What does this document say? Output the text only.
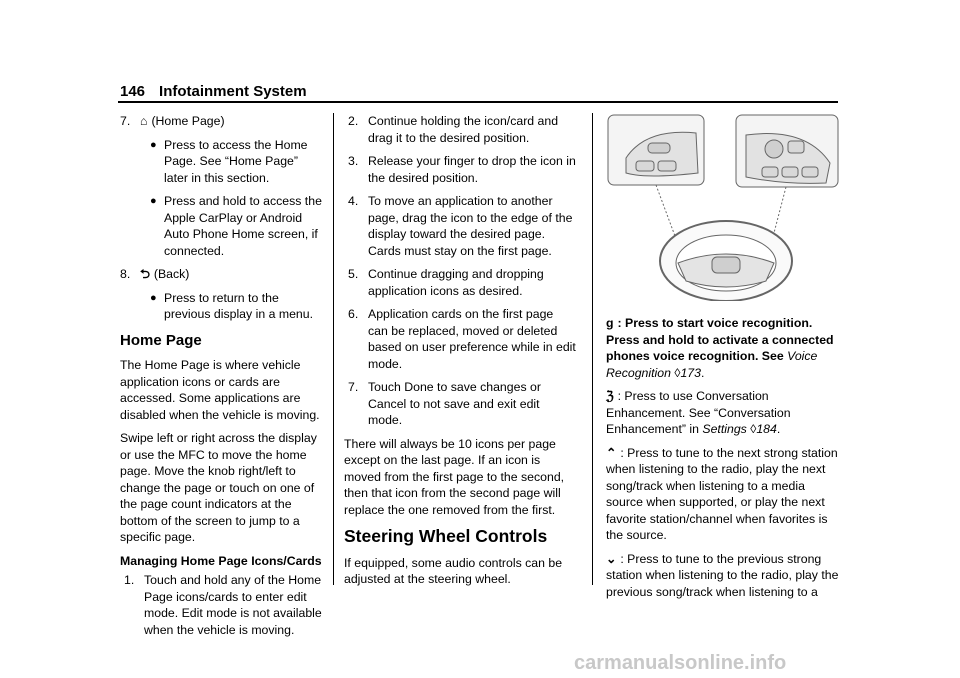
146 Infotainment System
7. ⌂ (Home Page)
● Press to access the Home Page. See “Home Page” later in this section.
● Press and hold to access the Apple CarPlay or Android Auto Phone Home screen, if connected.
8. ⮌ (Back)
● Press to return to the previous display in a menu.
Home Page

The Home Page is where vehicle application icons or cards are accessed. Some applications are disabled when the vehicle is moving.

Swipe left or right across the display or use the MFC to move the home page. Move the knob right/left to change the page or touch on one of the page count indicators at the bottom of the screen to jump to a specific page.

Managing Home Page Icons/Cards
1. Touch and hold any of the Home Page icons/cards to enter edit mode. Edit mode is not available when the vehicle is moving.
2. Continue holding the icon/card and drag it to the desired position.
3. Release your finger to drop the icon in the desired position.
4. To move an application to another page, drag the icon to the edge of the display toward the desired page. Cards must stay on the first page.
5. Continue dragging and dropping application icons as desired.
6. Application cards on the first page can be replaced, moved or deleted based on user preference while in edit mode.
7. Touch Done to save changes or Cancel to not save and exit edit mode.

There will always be 10 icons per page except on the last page. If an icon is moved from the first page to the second, then that icon from the second page will replace the one removed from the first.

Steering Wheel Controls

If equipped, some audio controls can be adjusted at the steering wheel.

ɡ : Press to start voice recognition. Press and hold to activate a connected phones voice recognition. See Voice Recognition ◊173.

ℨ : Press to use Conversation Enhancement. See “Conversation Enhancement” in Settings ◊184.

⌃ : Press to tune to the next strong station when listening to the radio, play the next song/track when listening to a media source when supported, or play the next favorite station/channel when favorites is the source.

⌄ : Press to tune to the previous strong station when listening to the radio, play the previous song/track when listening to a

carmanualsonline.info
